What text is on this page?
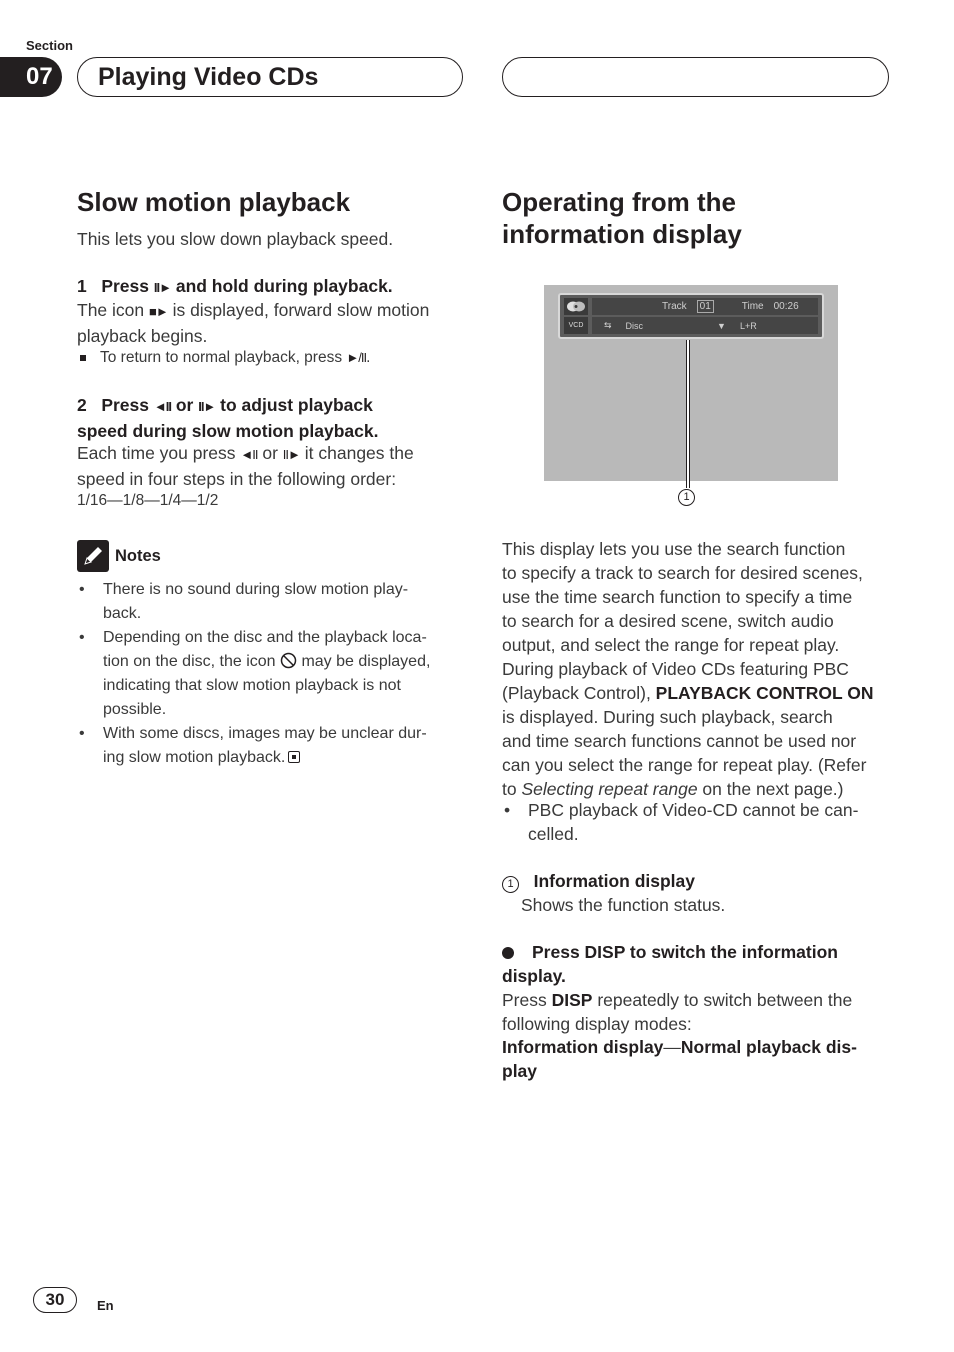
Section
07	Playing Video CDs
Slow motion playback
This lets you slow down playback speed.
1 Press II► and hold during playback.
The icon ■► is displayed, forward slow motion
playback begins.
To return to normal playback, press ►/II.
2 Press ◄II or II► to adjust playback
speed during slow motion playback.
Each time you press ◄II or II► it changes the
speed in four steps in the following order:
1/16—1/8—1/4—1/2
Notes
• There is no sound during slow motion play-
back.
• Depending on the disc and the playback loca-
tion on the disc, the icon  may be displayed,
indicating that slow motion playback is not
possible.
• With some discs, images may be unclear dur-
ing slow motion playback.
Operating from the
information display
VCD
Track	01	Time 00:26
⇆ Disc	▼ L+R
1
This display lets you use the search function
to specify a track to search for desired scenes,
use the time search function to specify a time
to search for a desired scene, switch audio
output, and select the range for repeat play.
During playback of Video CDs featuring PBC
(Playback Control), PLAYBACK CONTROL ON
is displayed. During such playback, search
and time search functions cannot be used nor
can you select the range for repeat play. (Refer
to Selecting repeat range on the next page.)
• PBC playback of Video-CD cannot be can-
celled.
1 Information display
Shows the function status.
Press DISP to switch the information
display.
Press DISP repeatedly to switch between the
following display modes:
Information display—Normal playback dis-
play
30	En
